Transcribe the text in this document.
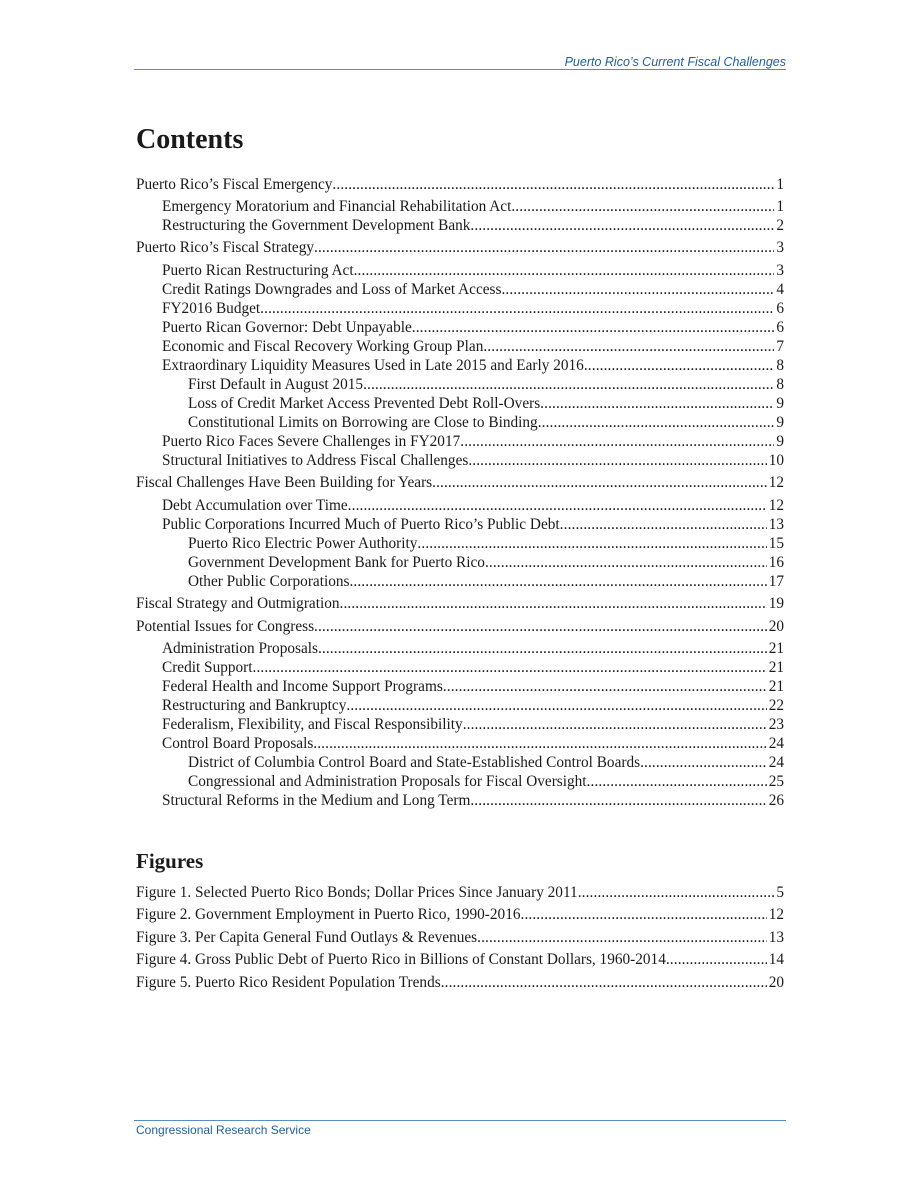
Puerto Rico’s Current Fiscal Challenges
Contents
Puerto Rico’s Fiscal Emergency . . .	1
Emergency Moratorium and Financial Rehabilitation Act . . .	1
Restructuring the Government Development Bank . . .	2
Puerto Rico’s Fiscal Strategy . . .	3
Puerto Rican Restructuring Act . . .	3
Credit Ratings Downgrades and Loss of Market Access . . .	4
FY2016 Budget . . .	6
Puerto Rican Governor: Debt Unpayable . . .	6
Economic and Fiscal Recovery Working Group Plan . . .	7
Extraordinary Liquidity Measures Used in Late 2015 and Early 2016 . . .	8
First Default in August 2015 . . .	8
Loss of Credit Market Access Prevented Debt Roll-Overs . . .	9
Constitutional Limits on Borrowing are Close to Binding . . .	9
Puerto Rico Faces Severe Challenges in FY2017 . . .	9
Structural Initiatives to Address Fiscal Challenges . . .	10
Fiscal Challenges Have Been Building for Years . . .	12
Debt Accumulation over Time . . .	12
Public Corporations Incurred Much of Puerto Rico’s Public Debt . . .	13
Puerto Rico Electric Power Authority . . .	15
Government Development Bank for Puerto Rico . . .	16
Other Public Corporations . . .	17
Fiscal Strategy and Outmigration . . .	19
Potential Issues for Congress . . .	20
Administration Proposals . . .	21
Credit Support . . .	21
Federal Health and Income Support Programs . . .	21
Restructuring and Bankruptcy . . .	22
Federalism, Flexibility, and Fiscal Responsibility . . .	23
Control Board Proposals . . .	24
District of Columbia Control Board and State-Established Control Boards . . .	24
Congressional and Administration Proposals for Fiscal Oversight . . .	25
Structural Reforms in the Medium and Long Term . . .	26
Figures
Figure 1. Selected Puerto Rico Bonds; Dollar Prices Since January 2011 . . .	5
Figure 2. Government Employment in Puerto Rico, 1990-2016 . . .	12
Figure 3. Per Capita General Fund Outlays & Revenues . . .	13
Figure 4. Gross Public Debt of Puerto Rico in Billions of Constant Dollars, 1960-2014 . . .	14
Figure 5. Puerto Rico Resident Population Trends . . .	20
Congressional Research Service
